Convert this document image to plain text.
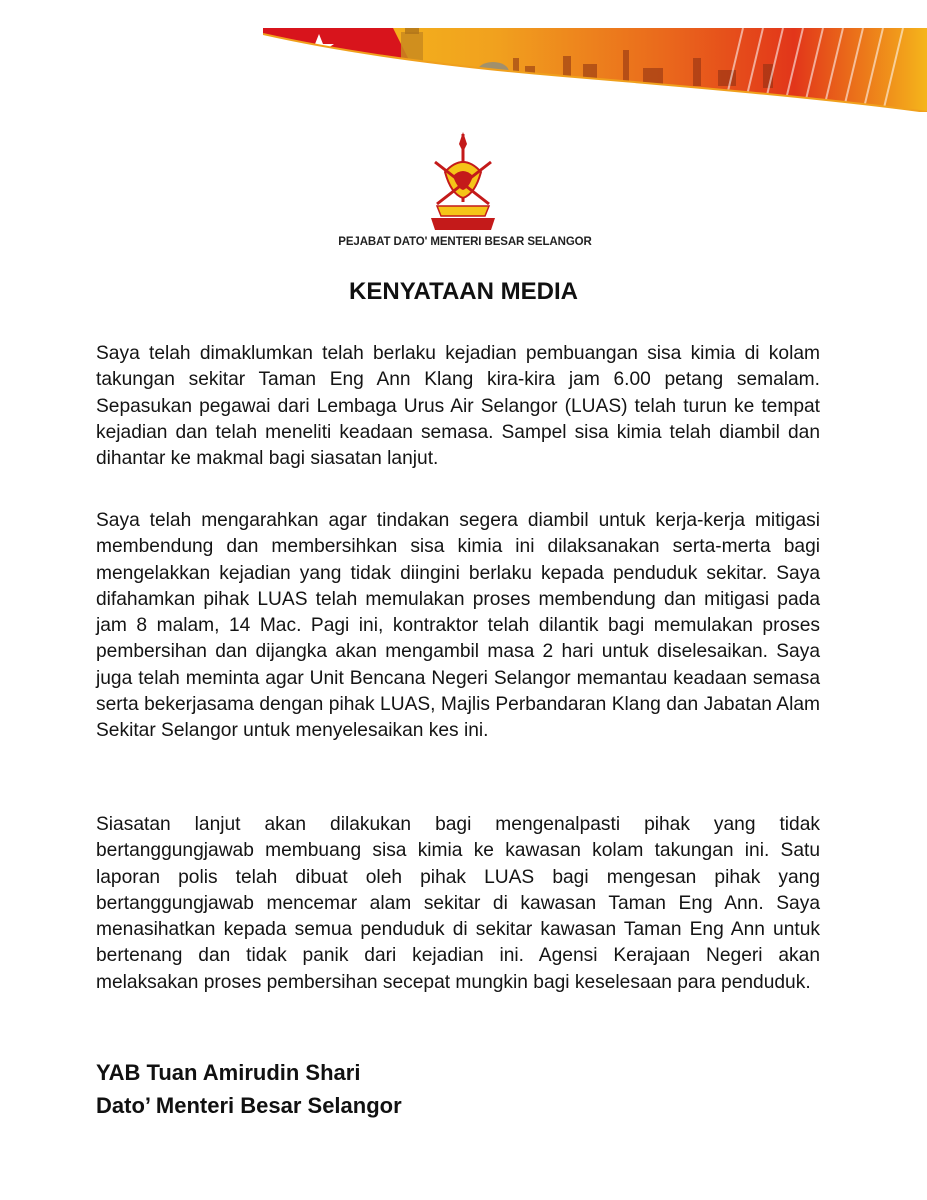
PEJABAT DATO' MENTERI BESAR SELANGOR
KENYATAAN MEDIA

Saya telah dimaklumkan telah berlaku kejadian pembuangan sisa kimia di kolam takungan sekitar Taman Eng Ann Klang kira-kira jam 6.00 petang semalam. Sepasukan pegawai dari Lembaga Urus Air Selangor (LUAS) telah turun ke tempat kejadian dan telah meneliti keadaan semasa. Sampel sisa kimia telah diambil dan dihantar ke makmal bagi siasatan lanjut.

Saya telah mengarahkan agar tindakan segera diambil untuk kerja-kerja mitigasi membendung dan membersihkan sisa kimia ini dilaksanakan serta-merta bagi mengelakkan kejadian yang tidak diingini berlaku kepada penduduk sekitar. Saya difahamkan pihak LUAS telah memulakan proses membendung dan mitigasi pada jam 8 malam, 14 Mac. Pagi ini, kontraktor telah dilantik bagi memulakan proses pembersihan dan dijangka akan mengambil masa 2 hari untuk diselesaikan. Saya juga telah meminta agar Unit Bencana Negeri Selangor memantau keadaan semasa serta bekerjasama dengan pihak LUAS, Majlis Perbandaran Klang dan Jabatan Alam Sekitar Selangor untuk menyelesaikan kes ini.

Siasatan lanjut akan dilakukan bagi mengenalpasti pihak yang tidak bertanggungjawab membuang sisa kimia ke kawasan kolam takungan ini. Satu laporan polis telah dibuat oleh pihak LUAS bagi mengesan pihak yang bertanggungjawab mencemar alam sekitar di kawasan Taman Eng Ann. Saya menasihatkan kepada semua penduduk di sekitar kawasan Taman Eng Ann untuk bertenang dan tidak panik dari kejadian ini. Agensi Kerajaan Negeri akan melaksakan proses pembersihan secepat mungkin bagi keselesaan para penduduk.

YAB Tuan Amirudin Shari
Dato’ Menteri Besar Selangor
